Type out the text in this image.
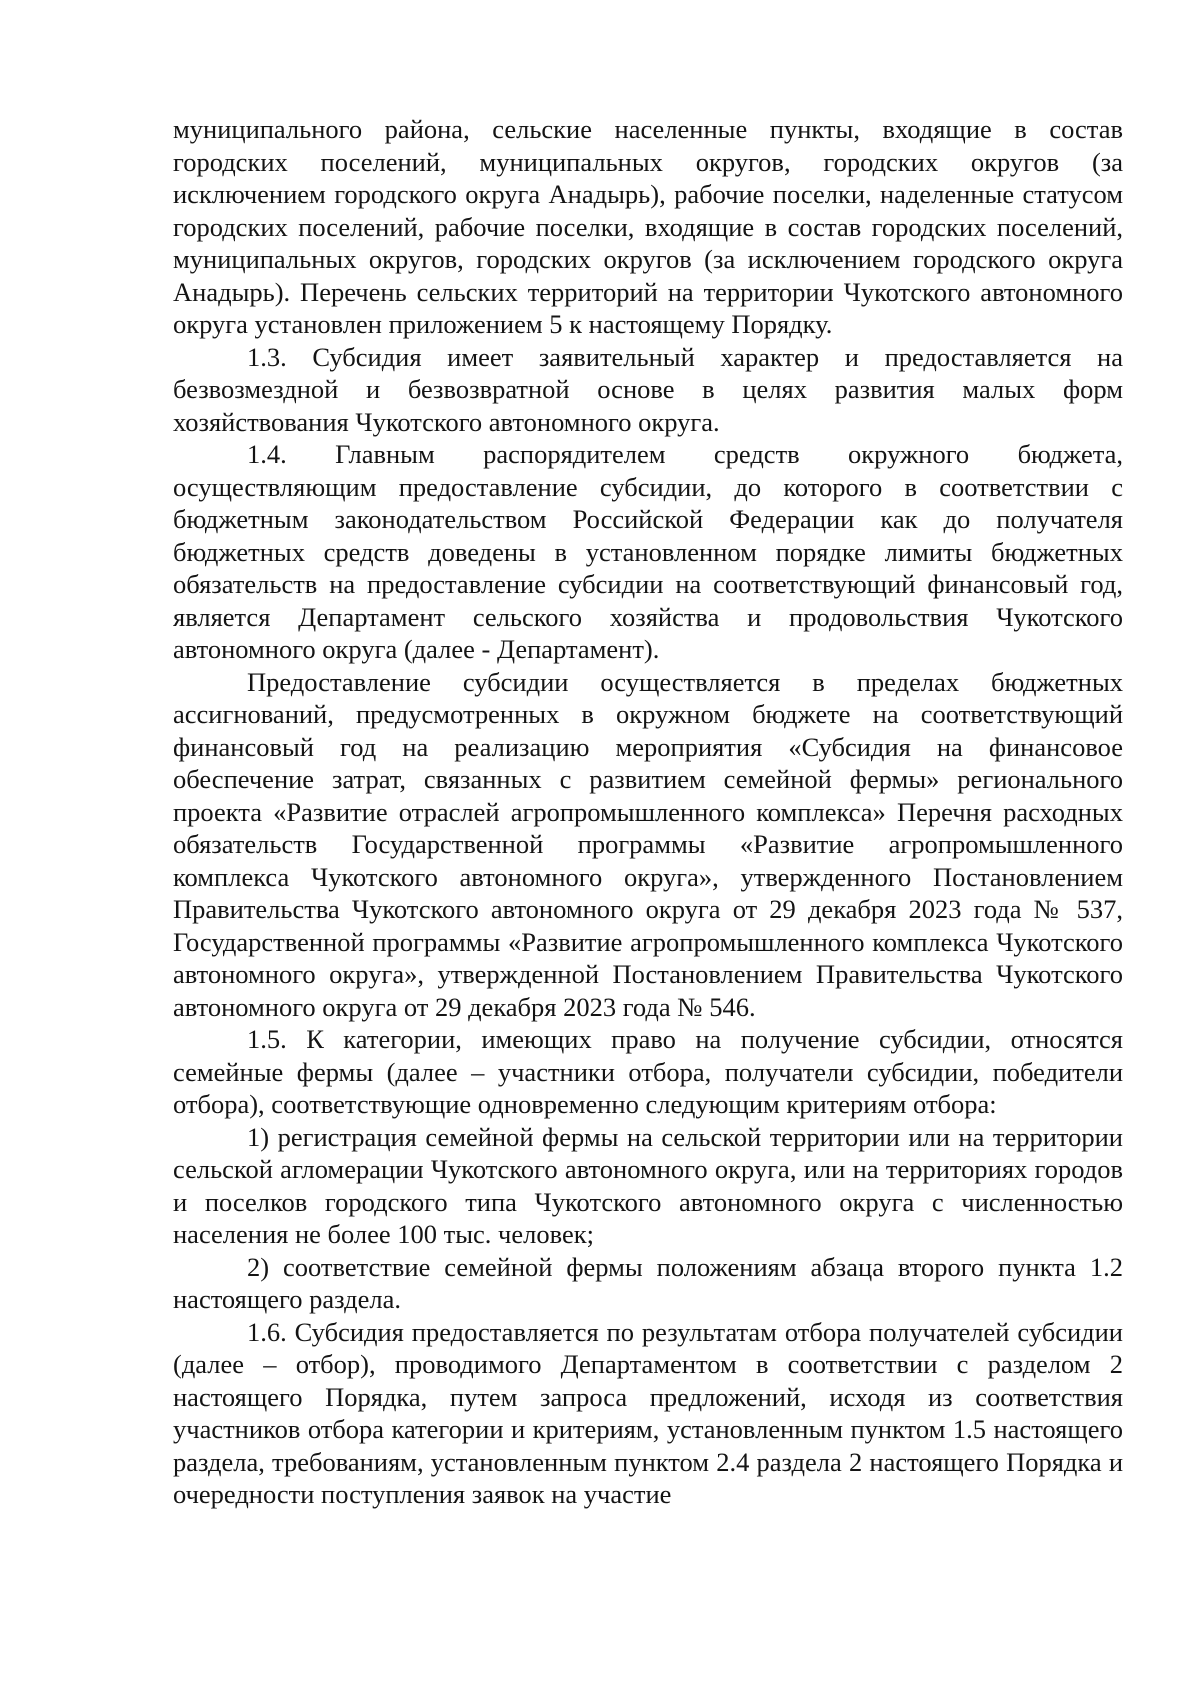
муниципального района, сельские населенные пункты, входящие в состав городских поселений, муниципальных округов, городских округов (за исключением городского округа Анадырь), рабочие поселки, наделенные статусом городских поселений, рабочие поселки, входящие в состав городских поселений, муниципальных округов, городских округов (за исключением городского округа Анадырь). Перечень сельских территорий на территории Чукотского автономного округа установлен приложением 5 к настоящему Порядку.

1.3. Субсидия имеет заявительный характер и предоставляется на безвозмездной и безвозвратной основе в целях развития малых форм хозяйствования Чукотского автономного округа.

1.4. Главным распорядителем средств окружного бюджета, осуществляющим предоставление субсидии, до которого в соответствии с бюджетным законодательством Российской Федерации как до получателя бюджетных средств доведены в установленном порядке лимиты бюджетных обязательств на предоставление субсидии на соответствующий финансовый год, является Департамент сельского хозяйства и продовольствия Чукотского автономного округа (далее - Департамент).

Предоставление субсидии осуществляется в пределах бюджетных ассигнований, предусмотренных в окружном бюджете на соответствующий финансовый год на реализацию мероприятия «Субсидия на финансовое обеспечение затрат, связанных с развитием семейной фермы» регионального проекта «Развитие отраслей агропромышленного комплекса» Перечня расходных обязательств Государственной программы «Развитие агропромышленного комплекса Чукотского автономного округа», утвержденного Постановлением Правительства Чукотского автономного округа от 29 декабря 2023 года № 537, Государственной программы «Развитие агропромышленного комплекса Чукотского автономного округа», утвержденной Постановлением Правительства Чукотского автономного округа от 29 декабря 2023 года № 546.

1.5. К категории, имеющих право на получение субсидии, относятся семейные фермы (далее – участники отбора, получатели субсидии, победители отбора), соответствующие одновременно следующим критериям отбора:

1) регистрация семейной фермы на сельской территории или на территории сельской агломерации Чукотского автономного округа, или на территориях городов и поселков городского типа Чукотского автономного округа с численностью населения не более 100 тыс. человек;

2) соответствие семейной фермы положениям абзаца второго пункта 1.2 настоящего раздела.

1.6. Субсидия предоставляется по результатам отбора получателей субсидии (далее – отбор), проводимого Департаментом в соответствии с разделом 2 настоящего Порядка, путем запроса предложений, исходя из соответствия участников отбора категории и критериям, установленным пунктом 1.5 настоящего раздела, требованиям, установленным пунктом 2.4 раздела 2 настоящего Порядка и очередности поступления заявок на участие
